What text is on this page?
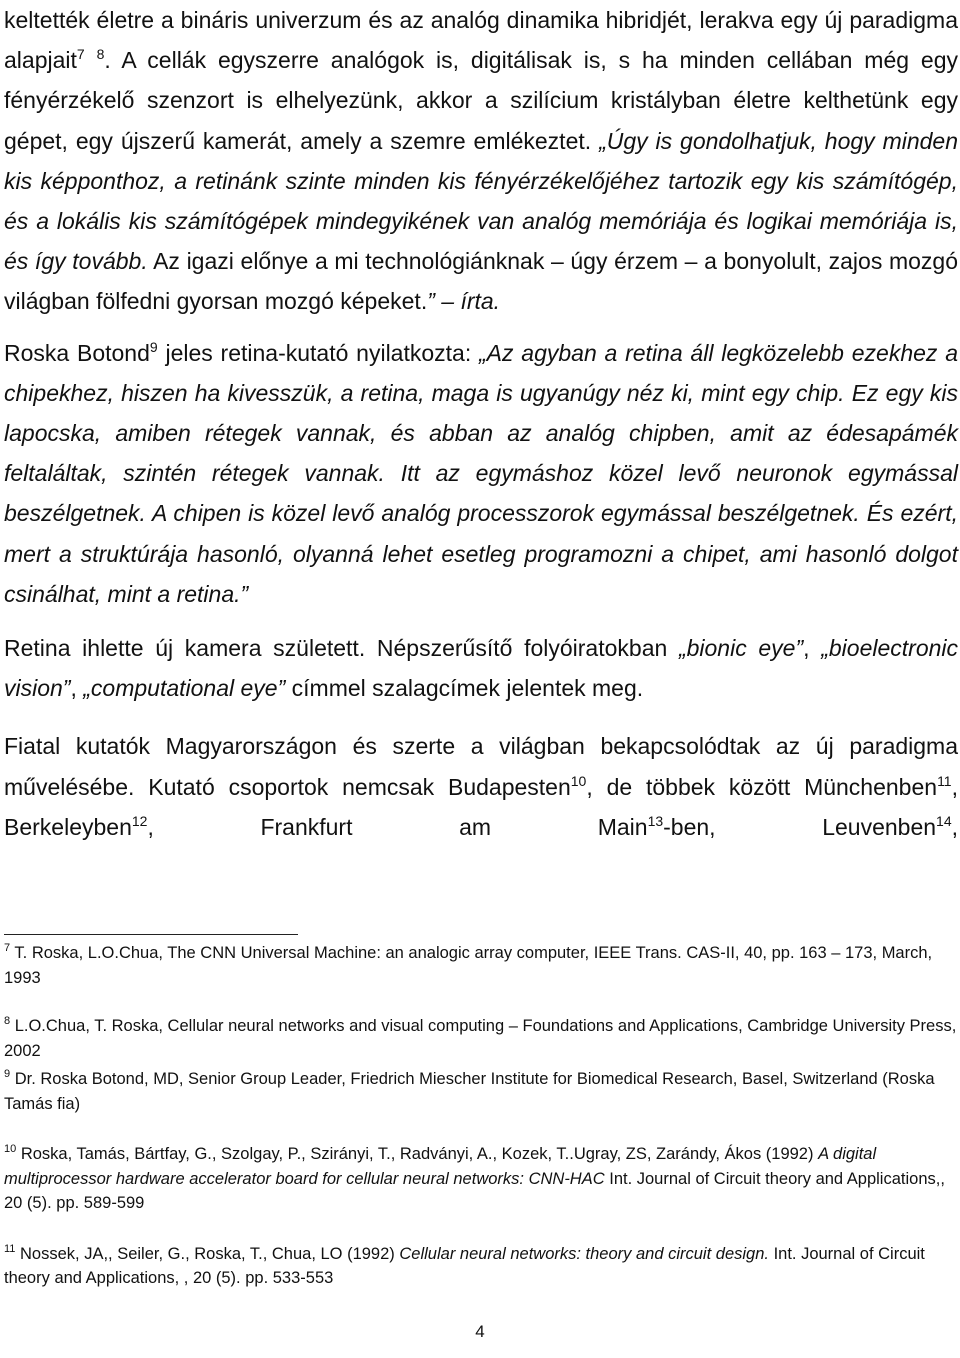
keltették életre a bináris univerzum és az analóg dinamika hibridjét, lerakva egy új paradigma alapjait$^7$ $^8$. A cellák egyszerre analógok is, digitálisak is, s ha minden cellában még egy fényérzékelő szenzort is elhelyezünk, akkor a szilícium kristályban életre kelthetünk egy gépet, egy újszerű kamerát, amely a szemre emlékeztet. „Úgy is gondolhatjuk, hogy minden kis képponthoz, a retinánk szinte minden kis fényérzékelőjéhez tartozik egy kis számítógép, és a lokális kis számítógépek mindegyikének van analóg memóriája és logikai memóriája is, és így tovább. Az igazi előnye a mi technológiánknak – úgy érzem – a bonyolult, zajos mozgó világban fölfedni gyorsan mozgó képeket.” – írta.

Roska Botond$^9$ jeles retina-kutató nyilatkozta: „Az agyban a retina áll legközelebb ezekhez a chipekhez, hiszen ha kivesszük, a retina, maga is ugyanúgy néz ki, mint egy chip. Ez egy kis lapocska, amiben rétegek vannak, és abban az analóg chipben, amit az édesapámék feltaláltak, szintén rétegek vannak. Itt az egymáshoz közel levő neuronok egymással beszélgetnek. A chipen is közel levő analóg processzorok egymással beszélgetnek. És ezért, mert a struktúrája hasonló, olyanná lehet esetleg programozni a chipet, ami hasonló dolgot csinálhat, mint a retina.”

Retina ihlette új kamera született. Népszerűsítő folyóiratokban „bionic eye”, „bioelectronic vision”, „computational eye” címmel szalagcímek jelentek meg.

Fiatal kutatók Magyarországon és szerte a világban bekapcsolódtak az új paradigma művelésébe. Kutató csoportok nemcsak Budapesten$^{10}$, de többek között Münchenben$^{11}$, Berkeleyben$^{12}$, Frankfurt am Main$^{13}$-ben, Leuvenben$^{14}$,

$^7$ T. Roska, L.O.Chua, The CNN Universal Machine: an analogic array computer, IEEE Trans. CAS-II, 40, pp. 163 – 173, March, 1993

$^8$ L.O.Chua, T. Roska, Cellular neural networks and visual computing – Foundations and Applications, Cambridge University Press, 2002

$^9$ Dr. Roska Botond, MD, Senior Group Leader, Friedrich Miescher Institute for Biomedical Research, Basel, Switzerland (Roska Tamás fia)

$^{10}$ Roska, Tamás, Bártfay, G., Szolgay, P., Szirányi, T., Radványi, A., Kozek, T..Ugray, ZS, Zarándy, Ákos (1992) A digital multiprocessor hardware accelerator board for cellular neural networks: CNN-HAC Int. Journal of Circuit theory and Applications,, 20 (5). pp. 589-599

$^{11}$ Nossek, JA,, Seiler, G., Roska, T., Chua, LO (1992) Cellular neural networks: theory and circuit design. Int. Journal of Circuit theory and Applications, , 20 (5). pp. 533-553

4
